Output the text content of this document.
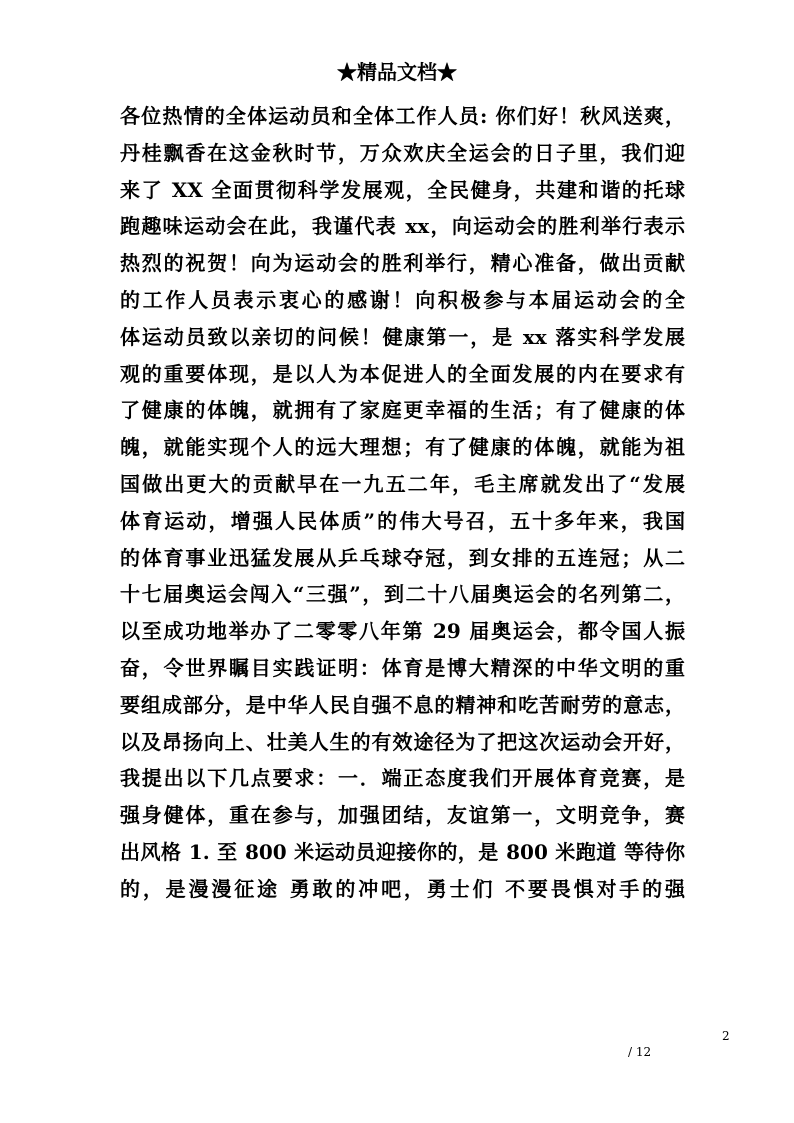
★精品文档★
各位热情的全体运动员和全体工作人员: 你们好！秋风送爽，
丹桂飘香在这金秋时节，万众欢庆全运会的日子里，我们迎
来了 XX 全面贯彻科学发展观，全民健身，共建和谐的托球
跑趣味运动会在此，我谨代表 xx，向运动会的胜利举行表示
热烈的祝贺！向为运动会的胜利举行，精心准备，做出贡献
的工作人员表示衷心的感谢！向积极参与本届运动会的全
体运动员致以亲切的问候！健康第一，是 xx 落实科学发展
观的重要体现，是以人为本促进人的全面发展的内在要求有
了健康的体魄，就拥有了家庭更幸福的生活；有了健康的体
魄，就能实现个人的远大理想；有了健康的体魄，就能为祖
国做出更大的贡献早在一九五二年，毛主席就发出了“发展
体育运动，增强人民体质”的伟大号召，五十多年来，我国
的体育事业迅猛发展从乒乓球夺冠，到女排的五连冠；从二
十七届奥运会闯入“三强”，到二十八届奥运会的名列第二，
以至成功地举办了二零零八年第 29 届奥运会，都令国人振
奋，令世界瞩目实践证明：体育是博大精深的中华文明的重
要组成部分，是中华人民自强不息的精神和吃苦耐劳的意志，
以及昂扬向上、壮美人生的有效途径为了把这次运动会开好，
我提出以下几点要求：一．端正态度我们开展体育竞赛，是
强身健体，重在参与，加强团结，友谊第一，文明竞争，赛
出风格 1. 至 800 米运动员迎接你的，是 800 米跑道 等待你
的，是漫漫征途 勇敢的冲吧，勇士们 不要畏惧对手的强
2
/ 12
